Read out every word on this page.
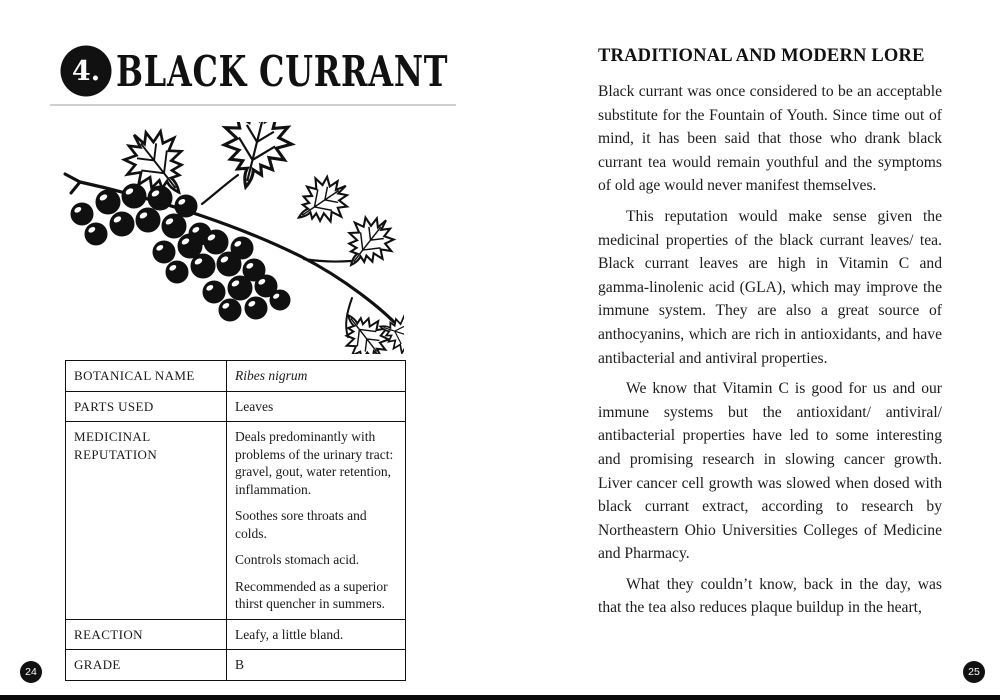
4. BLACK CURRANT
BOTANICAL NAME	Ribes nigrum
PARTS USED	Leaves
MEDICINAL REPUTATION	Deals predominantly with problems of the urinary tract: gravel, gout, water retention, inflammation.

Soothes sore throats and colds.

Controls stomach acid.

Recommended as a superior thirst quencher in summers.

REACTION	Leafy, a little bland.
GRADE	B
TRADITIONAL AND MODERN LORE

Black currant was once considered to be an acceptable substitute for the Fountain of Youth. Since time out of mind, it has been said that those who drank black currant tea would remain youthful and the symptoms of old age would never manifest themselves.

This reputation would make sense given the medicinal properties of the black currant leaves/ tea. Black currant leaves are high in Vitamin C and gamma-linolenic acid (GLA), which may improve the immune system. They are also a great source of anthocyanins, which are rich in antioxidants, and have antibacterial and antiviral properties.

We know that Vitamin C is good for us and our immune systems but the antioxidant/ antiviral/ antibacterial properties have led to some interesting and promising research in slowing cancer growth. Liver cancer cell growth was slowed when dosed with black currant extract, according to research by Northeastern Ohio Universities Colleges of Medicine and Pharmacy.

What they couldn’t know, back in the day, was that the tea also reduces plaque buildup in the heart,

24	25
